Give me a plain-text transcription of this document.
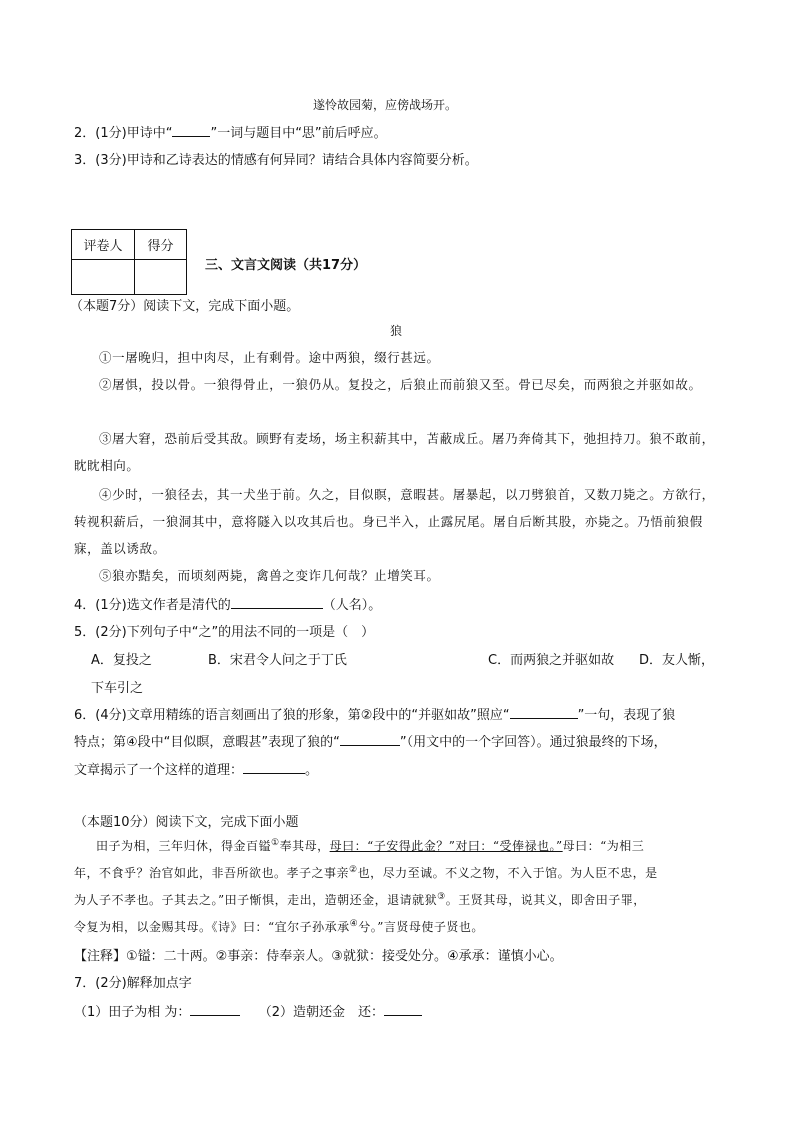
遂怜故园菊，应傍战场开。
2．(1分)甲诗中“	”一词与题目中“思”前后呼应。
3．(3分)甲诗和乙诗表达的情感有何异同？请结合具体内容简要分析。
评卷人	得分

三、文言文阅读（共17分）
（本题7分）阅读下文，完成下面小题。
狼
①一屠晚归，担中肉尽，止有剩骨。途中两狼，缀行甚远。
②屠惧，投以骨。一狼得骨止，一狼仍从。复投之，后狼止而前狼又至。骨已尽矣，而两狼之并驱如故。
③屠大窘，恐前后受其敌。顾野有麦场，场主积薪其中，苫蔽成丘。屠乃奔倚其下，弛担持刀。狼不敢前，眈眈相向。
④少时，一狼径去，其一犬坐于前。久之，目似瞑，意暇甚。屠暴起，以刀劈狼首，又数刀毙之。方欲行，转视积薪后，一狼洞其中，意将隧入以攻其后也。身已半入，止露尻尾。屠自后断其股，亦毙之。乃悟前狼假寐，盖以诱敌。
⑤狼亦黠矣，而顷刻两毙，禽兽之变诈几何哉？止增笑耳。
4．(1分)选文作者是清代的	（人名）。
5．(2分)下列句子中“之”的用法不同的一项是（　）
A．复投之	B．宋君令人问之于丁氏	C．而两狼之并驱如故 D．友人惭，
下车引之
6．(4分)文章用精练的语言刻画出了狼的形象，第②段中的“并驱如故”照应“	”一句，表现了狼
特点；第④段中“目似瞑，意暇甚”表现了狼的“	”（用文中的一个字回答）。通过狼最终的下场，
文章揭示了一个这样的道理：	。
（本题10分）阅读下文，完成下面小题
田子为相，三年归休，得金百镒①奉其母，母曰：“子安得此金？”对曰：“受俸禄也。”母曰：“为相三
年，不食乎？治官如此，非吾所欲也。孝子之事亲②也，尽力至诚。不义之物，不入于馆。为人臣不忠，是
为人子不孝也。子其去之。”田子惭惧，走出，造朝还金，退请就狱③。王贤其母，说其义，即舍田子罪，
令复为相，以金赐其母。《诗》曰：“宜尔子孙承承④兮。”言贤母使子贤也。
【注释】①镒：二十两。②事亲：侍奉亲人。③就狱：接受处分。④承承：谨慎小心。
7．(2分)解释加点字
（1）田子为相 为：	（2）造朝还金　还：
